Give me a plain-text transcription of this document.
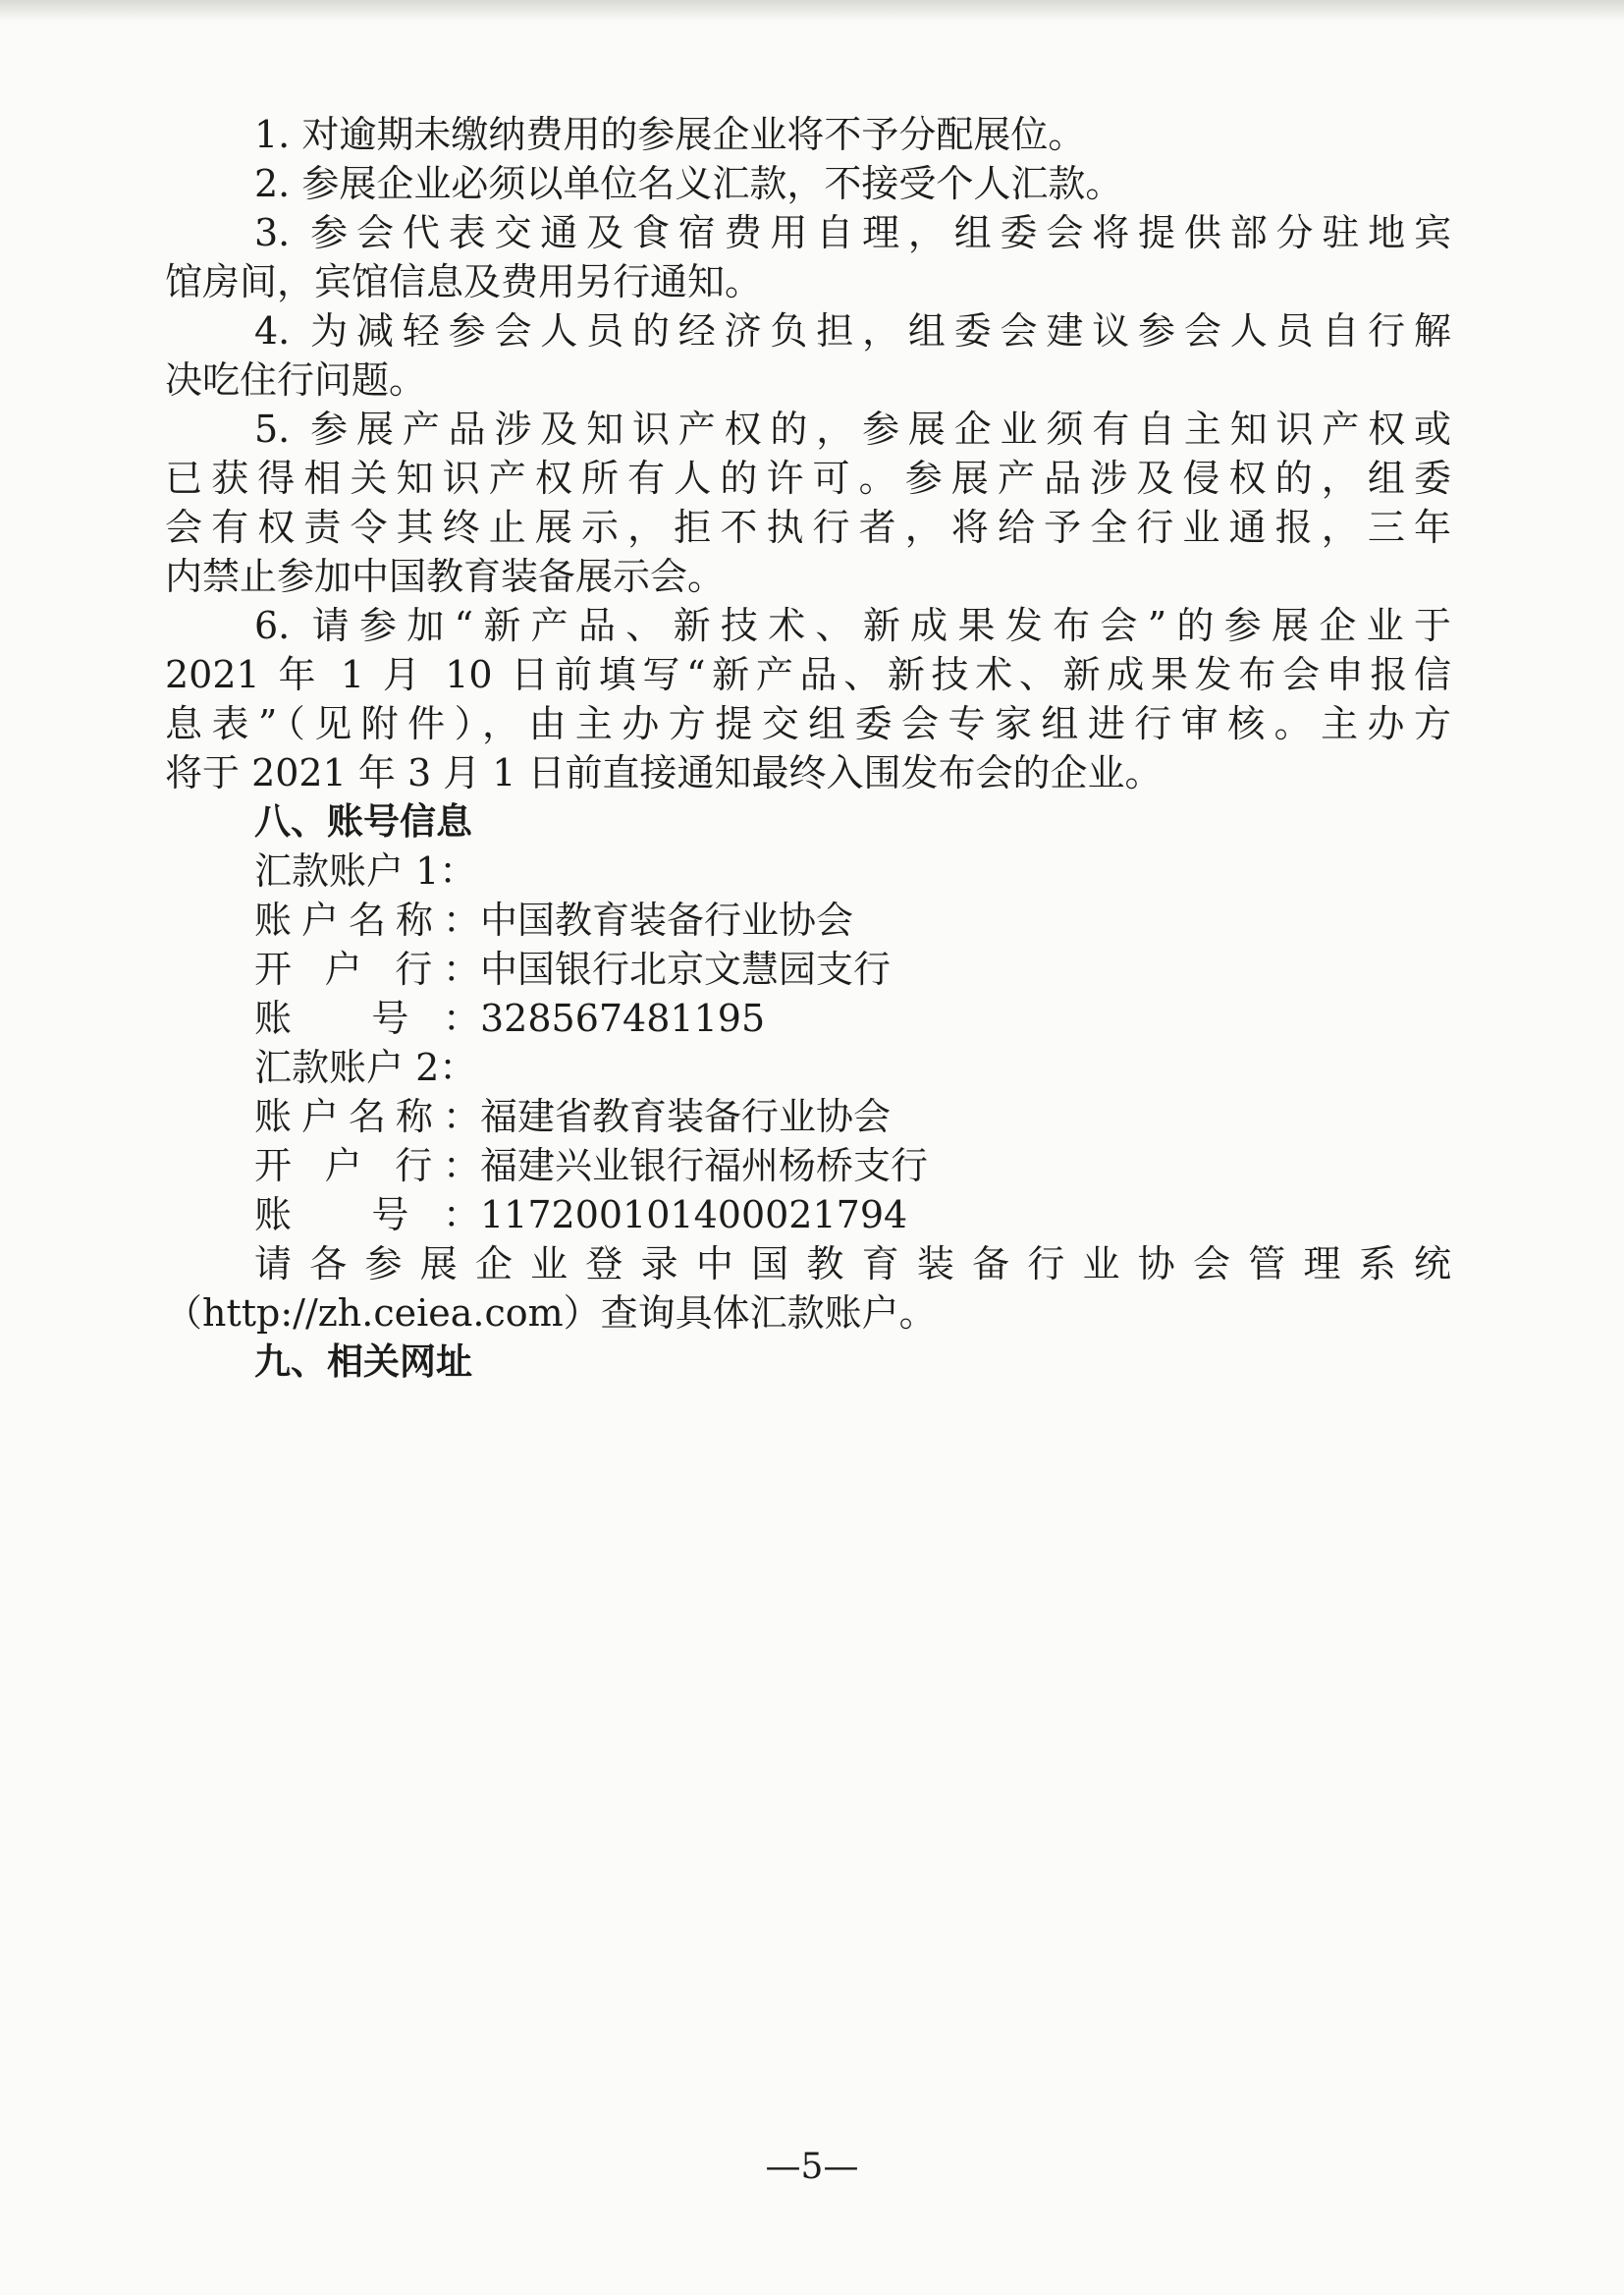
1. 对逾期未缴纳费用的参展企业将不予分配展位。
2. 参展企业必须以单位名义汇款，不接受个人汇款。
3. 参会代表交通及食宿费用自理，组委会将提供部分驻地宾
馆房间，宾馆信息及费用另行通知。
4. 为减轻参会人员的经济负担，组委会建议参会人员自行解
决吃住行问题。
5. 参展产品涉及知识产权的，参展企业须有自主知识产权或
已获得相关知识产权所有人的许可。参展产品涉及侵权的，组委
会有权责令其终止展示，拒不执行者，将给予全行业通报，三年
内禁止参加中国教育装备展示会。
6. 请参加“新产品、新技术、新成果发布会”的参展企业于
2021 年 1 月 10 日前填写“新产品、新技术、新成果发布会申报信
息表”（见附件），由主办方提交组委会专家组进行审核。主办方
将于 2021 年 3 月 1 日前直接通知最终入围发布会的企业。
八、账号信息
汇款账户 1：
账户名称：中国教育装备行业协会
开 户 行：中国银行北京文慧园支行
账 号：328567481195
汇款账户 2：
账户名称：福建省教育装备行业协会
开 户 行：福建兴业银行福州杨桥支行
账 号：117200101400021794
请各参展企业登录中国教育装备行业协会管理系统
（http://zh.ceiea.com）查询具体汇款账户。
九、相关网址
—5—
